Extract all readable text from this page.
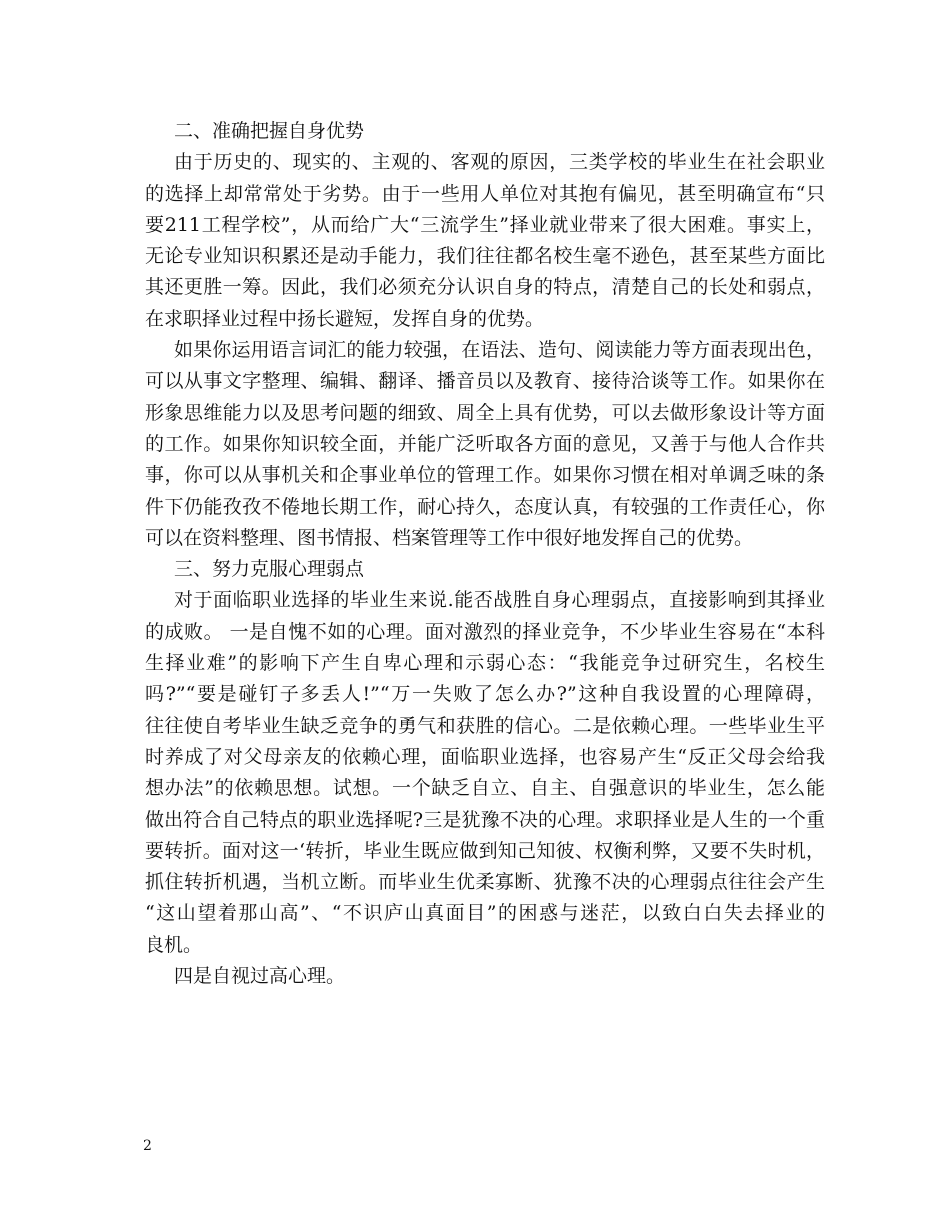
二、准确把握自身优势
由于历史的、现实的、主观的、客观的原因，三类学校的毕业生在社会职业
的选择上却常常处于劣势。由于一些用人单位对其抱有偏见，甚至明确宣布“只
要211工程学校”，从而给广大“三流学生”择业就业带来了很大困难。事实上，
无论专业知识积累还是动手能力，我们往往都名校生毫不逊色，甚至某些方面比
其还更胜一筹。因此，我们必须充分认识自身的特点，清楚自己的长处和弱点，
在求职择业过程中扬长避短，发挥自身的优势。
如果你运用语言词汇的能力较强，在语法、造句、阅读能力等方面表现出色，
可以从事文字整理、编辑、翻译、播音员以及教育、接待洽谈等工作。如果你在
形象思维能力以及思考问题的细致、周全上具有优势，可以去做形象设计等方面
的工作。如果你知识较全面，并能广泛听取各方面的意见，又善于与他人合作共
事，你可以从事机关和企事业单位的管理工作。如果你习惯在相对单调乏味的条
件下仍能孜孜不倦地长期工作，耐心持久，态度认真，有较强的工作责任心，你
可以在资料整理、图书情报、档案管理等工作中很好地发挥自己的优势。
三、努力克服心理弱点
对于面临职业选择的毕业生来说.能否战胜自身心理弱点，直接影响到其择业
的成败。 一是自愧不如的心理。面对激烈的择业竞争，不少毕业生容易在“本科
生择业难”的影响下产生自卑心理和示弱心态：“我能竞争过研究生，名校生
吗?”“要是碰钉子多丢人!”“万一失败了怎么办?”这种自我设置的心理障碍，
往往使自考毕业生缺乏竞争的勇气和获胜的信心。二是依赖心理。一些毕业生平
时养成了对父母亲友的依赖心理，面临职业选择，也容易产生“反正父母会给我
想办法”的依赖思想。试想。一个缺乏自立、自主、自强意识的毕业生，怎么能
做出符合自己特点的职业选择呢?三是犹豫不决的心理。求职择业是人生的一个重
要转折。面对这一‘转折，毕业生既应做到知己知彼、权衡利弊，又要不失时机，
抓住转折机遇，当机立断。而毕业生优柔寡断、犹豫不决的心理弱点往往会产生
“这山望着那山高”、“不识庐山真面目”的困惑与迷茫，以致白白失去择业的
良机。
四是自视过高心理。
2
